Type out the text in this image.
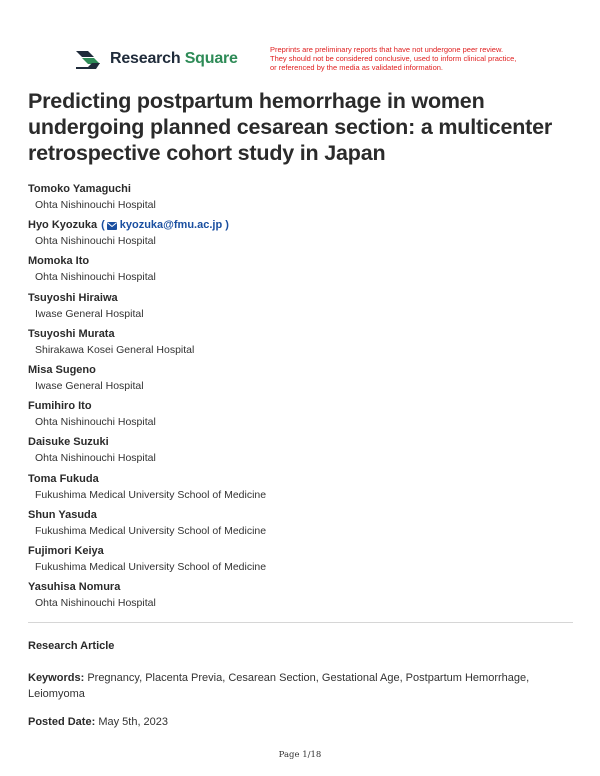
Research Square
Preprints are preliminary reports that have not undergone peer review.
They should not be considered conclusive, used to inform clinical practice,
or referenced by the media as validated information.
Predicting postpartum hemorrhage in women undergoing planned cesarean section: a multicenter retrospective cohort study in Japan
Tomoko Yamaguchi
Ohta Nishinouchi Hospital
Hyo Kyozuka ( kyozuka@fmu.ac.jp )
Ohta Nishinouchi Hospital
Momoka Ito
Ohta Nishinouchi Hospital
Tsuyoshi Hiraiwa
Iwase General Hospital
Tsuyoshi Murata
Shirakawa Kosei General Hospital
Misa Sugeno
Iwase General Hospital
Fumihiro Ito
Ohta Nishinouchi Hospital
Daisuke Suzuki
Ohta Nishinouchi Hospital
Toma Fukuda
Fukushima Medical University School of Medicine
Shun Yasuda
Fukushima Medical University School of Medicine
Fujimori Keiya
Fukushima Medical University School of Medicine
Yasuhisa Nomura
Ohta Nishinouchi Hospital
Research Article
Keywords: Pregnancy, Placenta Previa, Cesarean Section, Gestational Age, Postpartum Hemorrhage, Leiomyoma
Posted Date: May 5th, 2023
Page 1/18
